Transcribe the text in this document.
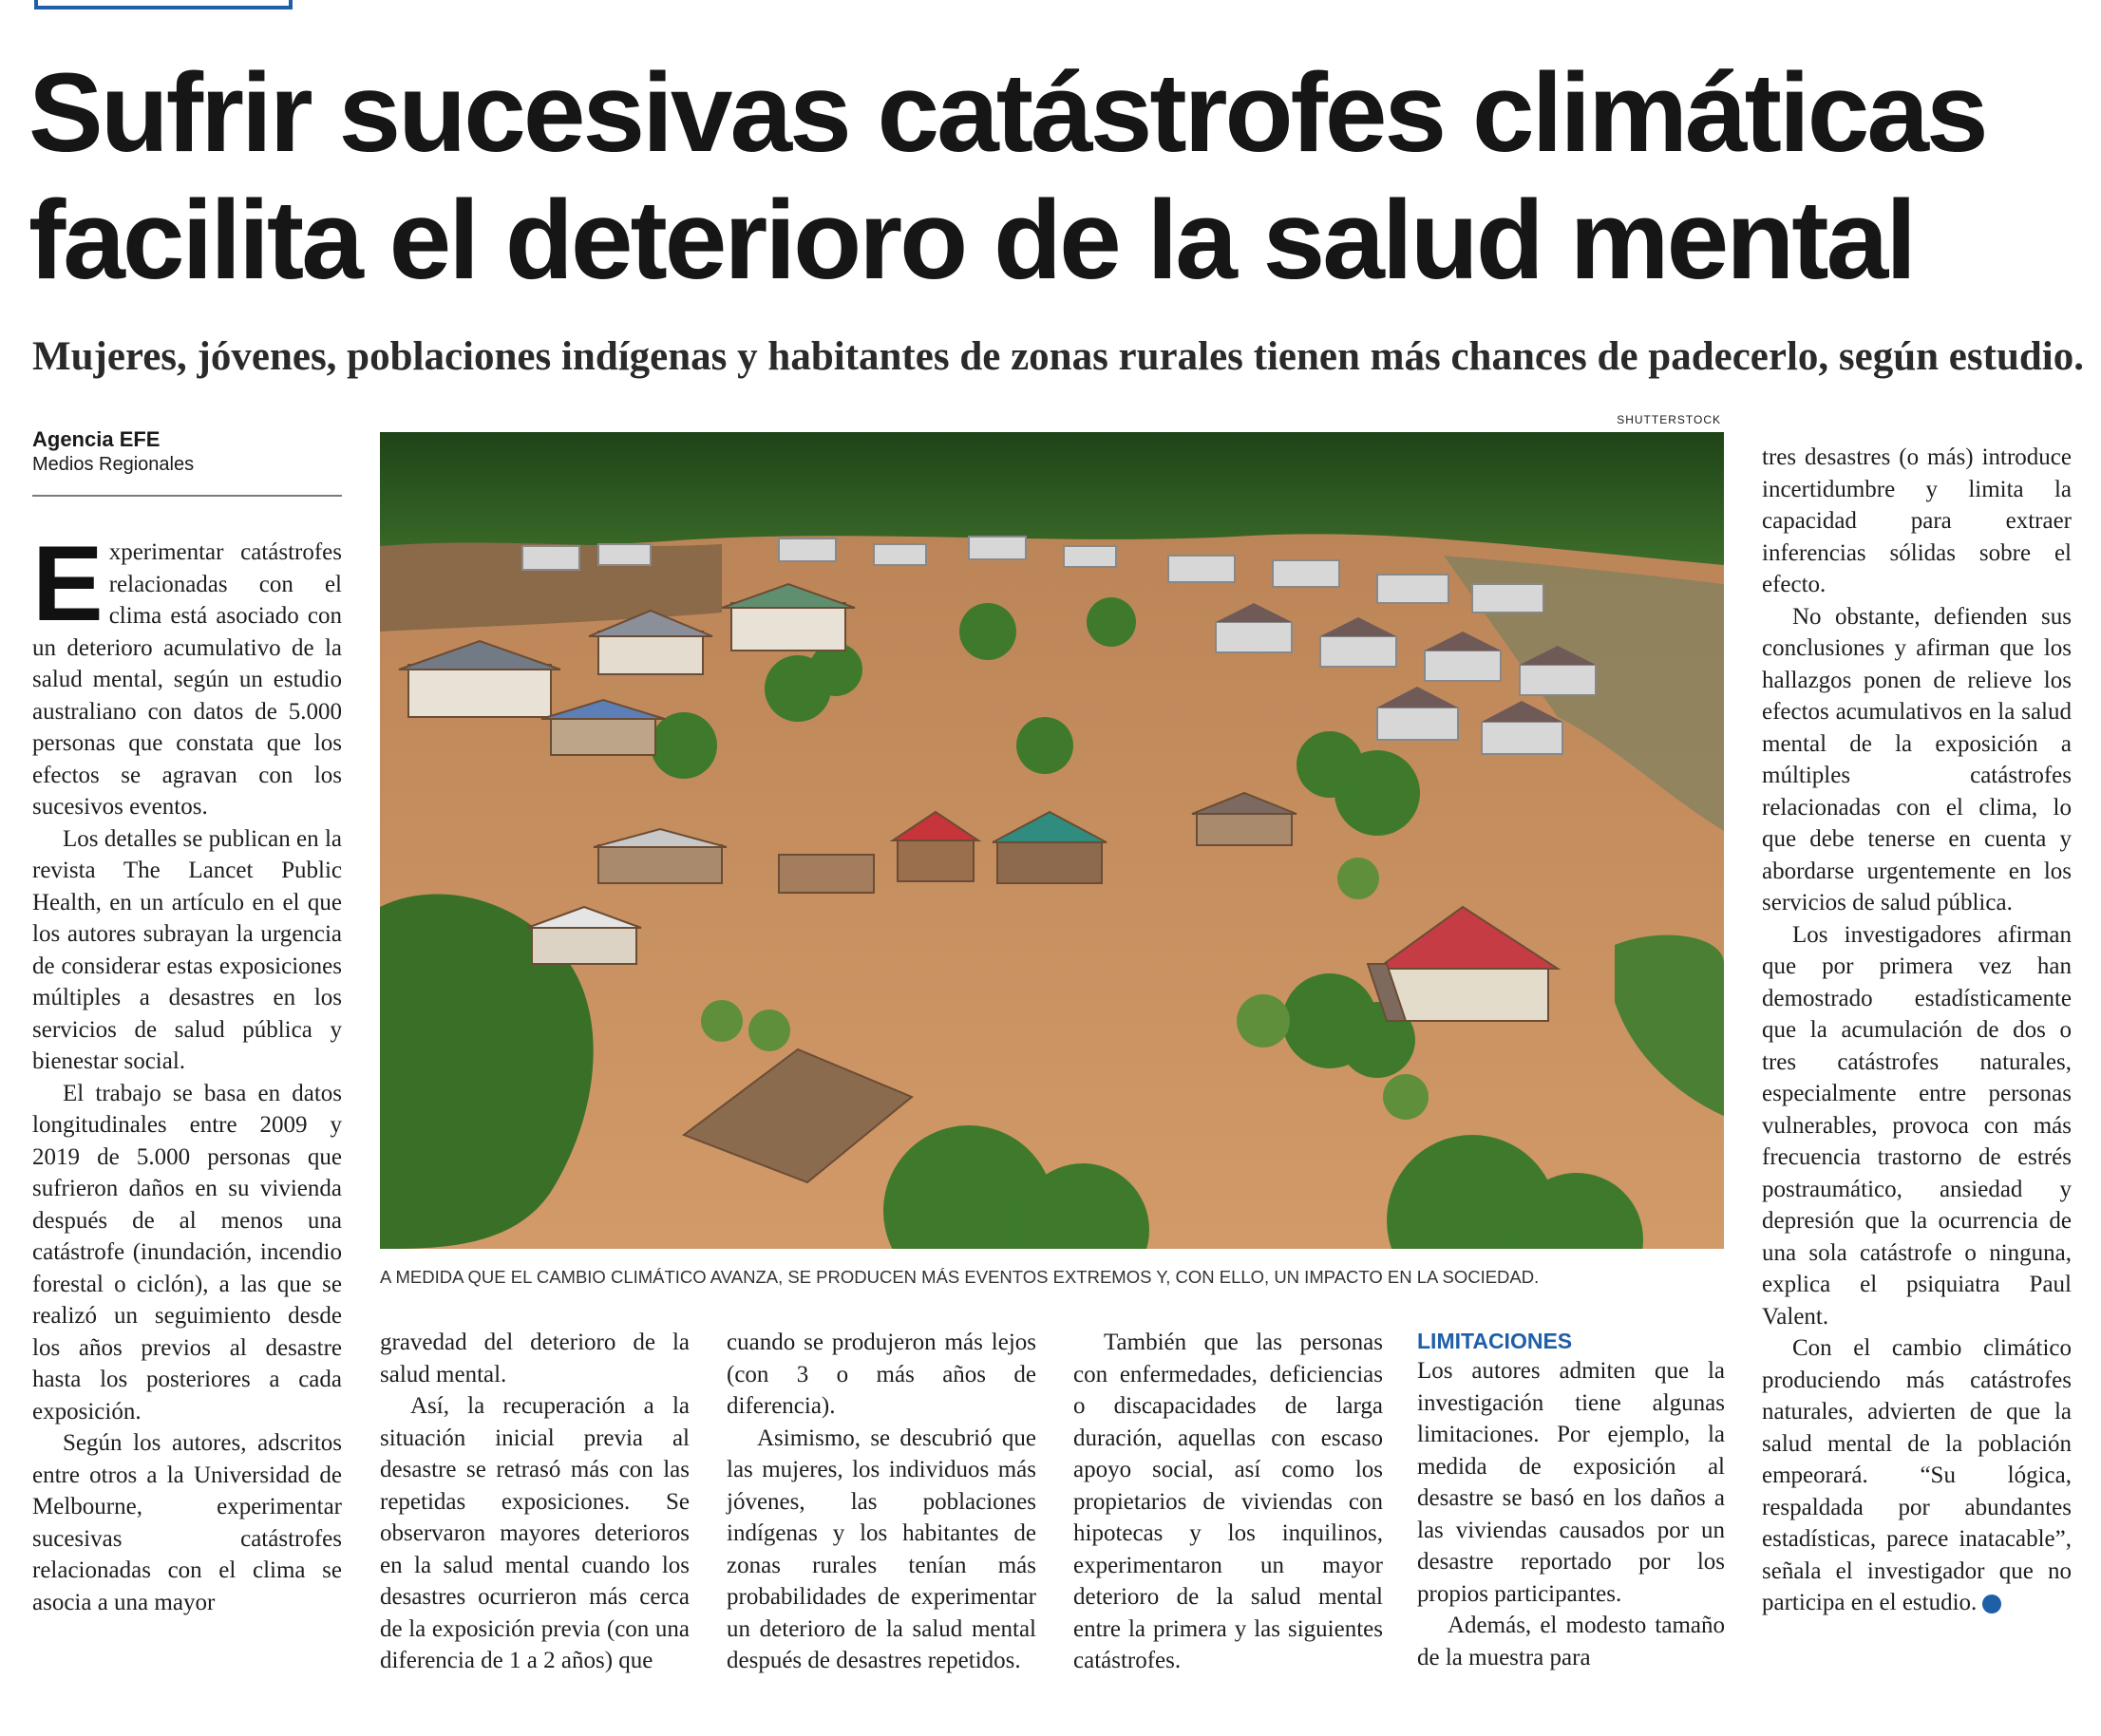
Sufrir sucesivas catástrofes climáticas facilita el deterioro de la salud mental

Mujeres, jóvenes, poblaciones indígenas y habitantes de zonas rurales tienen más chances de padecerlo, según estudio.

Agencia EFE
Medios Regionales

Experimentar catástrofes relacionadas con el clima está asociado con un deterioro acumulativo de la salud mental, según un estudio australiano con datos de 5.000 personas que constata que los efectos se agravan con los sucesivos eventos.

Los detalles se publican en la revista The Lancet Public Health, en un artículo en el que los autores subrayan la urgencia de considerar estas exposiciones múltiples a desastres en los servicios de salud pública y bienestar social.

El trabajo se basa en datos longitudinales entre 2009 y 2019 de 5.000 personas que sufrieron daños en su vivienda después de al menos una catástrofe (inundación, incendio forestal o ciclón), a las que se realizó un seguimiento desde los años previos al desastre hasta los posteriores a cada exposición.

Según los autores, adscritos entre otros a la Universidad de Melbourne, experimentar sucesivas catástrofes relacionadas con el clima se asocia a una mayor

SHUTTERSTOCK
A MEDIDA QUE EL CAMBIO CLIMÁTICO AVANZA, SE PRODUCEN MÁS EVENTOS EXTREMOS Y, CON ELLO, UN IMPACTO EN LA SOCIEDAD.

gravedad del deterioro de la salud mental.

Así, la recuperación a la situación inicial previa al desastre se retrasó más con las repetidas exposiciones. Se observaron mayores deterioros en la salud mental cuando los desastres ocurrieron más cerca de la exposición previa (con una diferencia de 1 a 2 años) que

cuando se produjeron más lejos (con 3 o más años de diferencia).

Asimismo, se descubrió que las mujeres, los individuos más jóvenes, las poblaciones indígenas y los habitantes de zonas rurales tenían más probabilidades de experimentar un deterioro de la salud mental después de desastres repetidos.

También que las personas con enfermedades, deficiencias o discapacidades de larga duración, aquellas con escaso apoyo social, así como los propietarios de viviendas con hipotecas y los inquilinos, experimentaron un mayor deterioro de la salud mental entre la primera y las siguientes catástrofes.

LIMITACIONES

Los autores admiten que la investigación tiene algunas limitaciones. Por ejemplo, la medida de exposición al desastre se basó en los daños a las viviendas causados por un desastre reportado por los propios participantes.

Además, el modesto tamaño de la muestra para

tres desastres (o más) introduce incertidumbre y limita la capacidad para extraer inferencias sólidas sobre el efecto.

No obstante, defienden sus conclusiones y afirman que los hallazgos ponen de relieve los efectos acumulativos en la salud mental de la exposición a múltiples catástrofes relacionadas con el clima, lo que debe tenerse en cuenta y abordarse urgentemente en los servicios de salud pública.

Los investigadores afirman que por primera vez han demostrado estadísticamente que la acumulación de dos o tres catástrofes naturales, especialmente entre personas vulnerables, provoca con más frecuencia trastorno de estrés postraumático, ansiedad y depresión que la ocurrencia de una sola catástrofe o ninguna, explica el psiquiatra Paul Valent.

Con el cambio climático produciendo más catástrofes naturales, advierten de que la salud mental de la población empeorará. “Su lógica, respaldada por abundantes estadísticas, parece inatacable”, señala el investigador que no participa en el estudio. ✪
